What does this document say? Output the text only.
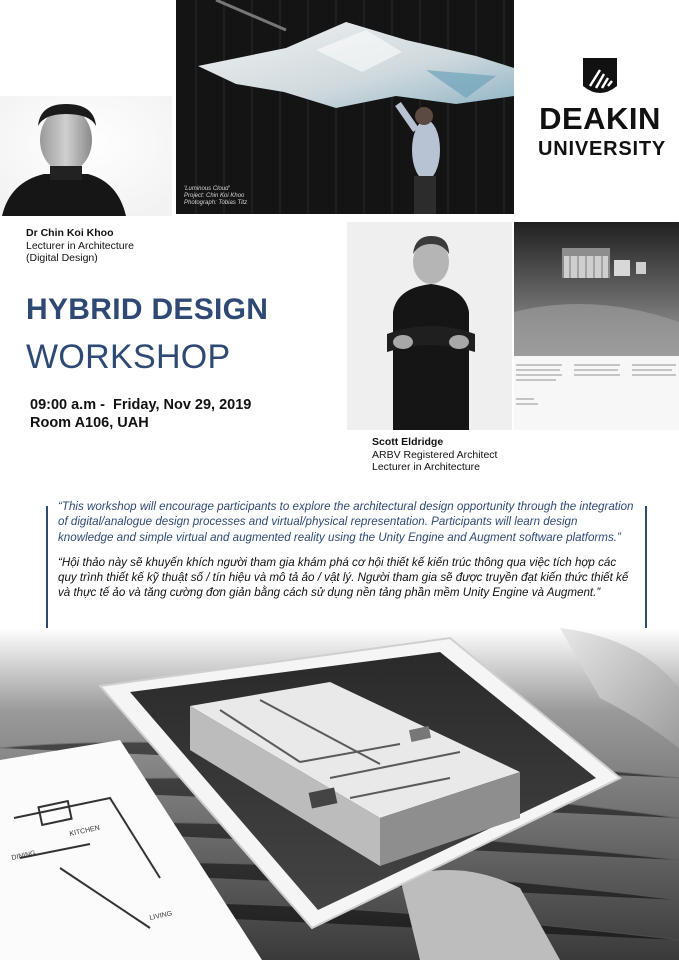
'Luminous Cloud'
Project: Chin Koi Khoo
Photograph: Tobias Titz
DEAKIN
UNIVERSITY
Dr Chin Koi Khoo
Lecturer in Architecture
(Digital Design)
HYBRID DESIGN
WORKSHOP
09:00 a.m -  Friday, Nov 29, 2019
Room A106, UAH
Scott Eldridge
ARBV Registered Architect
Lecturer in Architecture
“This workshop will encourage participants to explore the architectural design opportunity through the integration of digital/analogue design processes and virtual/physical representation. Participants will learn design knowledge and simple virtual and augmented reality using the Unity Engine and Augment software platforms.”
“Hội thảo này sẽ khuyến khích người tham gia khám phá cơ hội thiết kế kiến trúc thông qua việc tích hợp các quy trình thiết kế kỹ thuật số / tín hiệu và mô tả ảo / vật lý. Người tham gia sẽ được truyền đạt kiến thức thiết kế và thực tế ảo và tăng cường đơn giản bằng cách sử dụng nền tảng phần mềm Unity Engine và Augment.”
KITCHEN
DINING
LIVING
